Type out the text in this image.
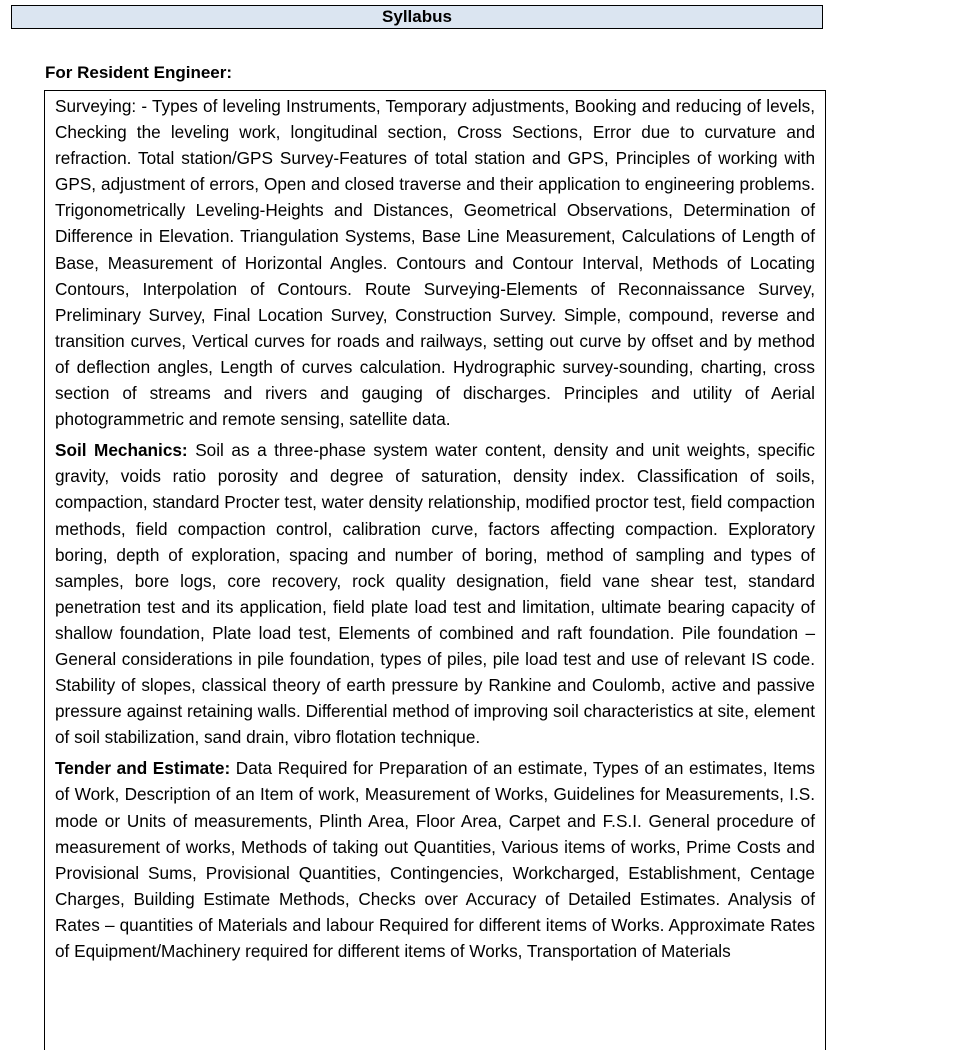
Syllabus
For Resident Engineer:

Surveying: - Types of leveling Instruments, Temporary adjustments, Booking and reducing of levels, Checking the leveling work, longitudinal section, Cross Sections, Error due to curvature and refraction. Total station/GPS Survey-Features of total station and GPS, Principles of working with GPS, adjustment of errors, Open and closed traverse and their application to engineering problems. Trigonometrically Leveling-Heights and Distances, Geometrical Observations, Determination of Difference in Elevation. Triangulation Systems, Base Line Measurement, Calculations of Length of Base, Measurement of Horizontal Angles. Contours and Contour Interval, Methods of Locating Contours, Interpolation of Contours. Route Surveying-Elements of Reconnaissance Survey, Preliminary Survey, Final Location Survey, Construction Survey. Simple, compound, reverse and transition curves, Vertical curves for roads and railways, setting out curve by offset and by method of deflection angles, Length of curves calculation. Hydrographic survey-sounding, charting, cross section of streams and rivers and gauging of discharges. Principles and utility of Aerial photogrammetric and remote sensing, satellite data.

Soil Mechanics: Soil as a three-phase system water content, density and unit weights, specific gravity, voids ratio porosity and degree of saturation, density index. Classification of soils, compaction, standard Procter test, water density relationship, modified proctor test, field compaction methods, field compaction control, calibration curve, factors affecting compaction. Exploratory boring, depth of exploration, spacing and number of boring, method of sampling and types of samples, bore logs, core recovery, rock quality designation, field vane shear test, standard penetration test and its application, field plate load test and limitation, ultimate bearing capacity of shallow foundation, Plate load test, Elements of combined and raft foundation. Pile foundation – General considerations in pile foundation, types of piles, pile load test and use of relevant IS code. Stability of slopes, classical theory of earth pressure by Rankine and Coulomb, active and passive pressure against retaining walls. Differential method of improving soil characteristics at site, element of soil stabilization, sand drain, vibro flotation technique.

Tender and Estimate: Data Required for Preparation of an estimate, Types of an estimates, Items of Work, Description of an Item of work, Measurement of Works, Guidelines for Measurements, I.S. mode or Units of measurements, Plinth Area, Floor Area, Carpet and F.S.I. General procedure of measurement of works, Methods of taking out Quantities, Various items of works, Prime Costs and Provisional Sums, Provisional Quantities, Contingencies, Workcharged, Establishment, Centage Charges, Building Estimate Methods, Checks over Accuracy of Detailed Estimates. Analysis of Rates – quantities of Materials and labour Required for different items of Works. Approximate Rates of Equipment/Machinery required for different items of Works, Transportation of Materials
